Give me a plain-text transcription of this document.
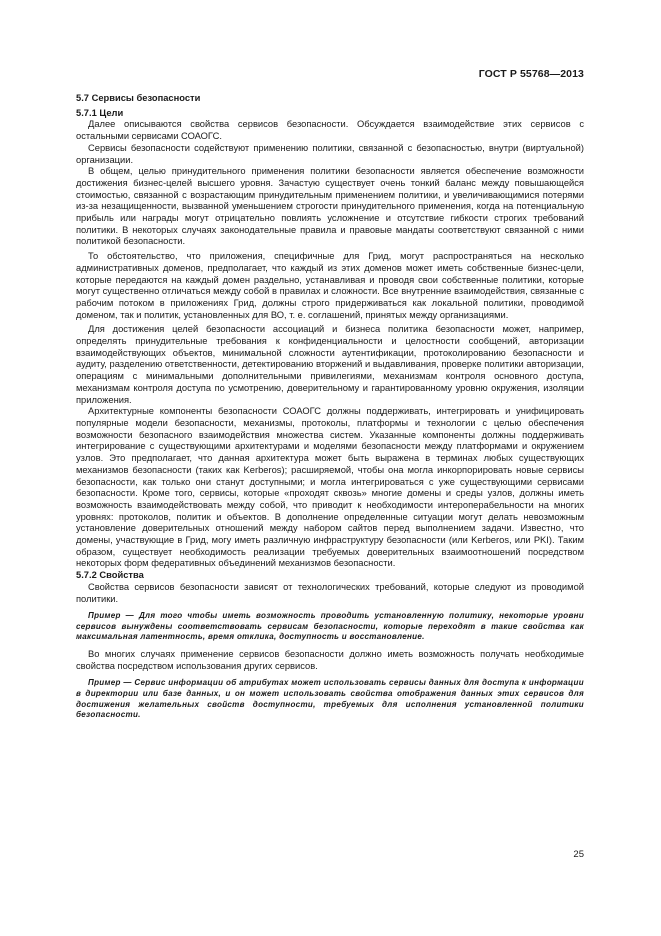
ГОСТ Р 55768—2013

5.7 Сервисы безопасности

5.7.1 Цели

Далее описываются свойства сервисов безопасности. Обсуждается взаимодействие этих сервисов с остальными сервисами СОАОГС.

Сервисы безопасности содействуют применению политики, связанной с безопасностью, внутри (виртуальной) организации.

В общем, целью принудительного применения политики безопасности является обеспечение возможности достижения бизнес-целей высшего уровня. Зачастую существует очень тонкий баланс между повышающейся стоимостью, связанной с возрастающим принудительным применением политики, и увеличивающимися потерями из-за незащищенности, вызванной уменьшением строгости принудительного применения, когда на потенциальную прибыль или награды могут отрицательно повлиять усложнение и отсутствие гибкости строгих требований политики. В некоторых случаях законодательные правила и правовые мандаты соответствуют связанной с ними политикой безопасности.

То обстоятельство, что приложения, специфичные для Грид, могут распространяться на несколько административных доменов, предполагает, что каждый из этих доменов может иметь собственные бизнес-цели, которые передаются на каждый домен раздельно, устанавливая и проводя свои собственные политики, которые могут существенно отличаться между собой в правилах и сложности. Все внутренние взаимодействия, связанные с рабочим потоком в приложениях Грид, должны строго придерживаться как локальной политики, проводимой доменом, так и политик, установленных для ВО, т. е. соглашений, принятых между организациями.

Для достижения целей безопасности ассоциаций и бизнеса политика безопасности может, например, определять принудительные требования к конфиденциальности и целостности сообщений, авторизации взаимодействующих объектов, минимальной сложности аутентификации, протоколированию безопасности и аудиту, разделению ответственности, детектированию вторжений и выдавливания, проверке политики авторизации, операциям с минимальными дополнительными привилегиями, механизмам контроля основного доступа, механизмам контроля доступа по усмотрению, доверительному и гарантированному уровню окружения, изоляции приложения.

Архитектурные компоненты безопасности СОАОГС должны поддерживать, интегрировать и унифицировать популярные модели безопасности, механизмы, протоколы, платформы и технологии с целью обеспечения возможности безопасного взаимодействия множества систем. Указанные компоненты должны поддерживать интегрирование с существующими архитектурами и моделями безопасности между платформами и окружением узлов. Это предполагает, что данная архитектура может быть выражена в терминах любых существующих механизмов безопасности (таких как Kerberos); расширяемой, чтобы она могла инкорпорировать новые сервисы безопасности, как только они станут доступными; и могла интегрироваться с уже существующими сервисами безопасности. Кроме того, сервисы, которые «проходят сквозь» многие домены и среды узлов, должны иметь возможность взаимодействовать между собой, что приводит к необходимости интероперабельности на многих уровнях: протоколов, политик и объектов. В дополнение определенные ситуации могут делать невозможным установление доверительных отношений между набором сайтов перед выполнением задачи. Известно, что домены, участвующие в Грид, могу иметь различную инфраструктуру безопасности (или Kerberos, или PKI). Таким образом, существует необходимость реализации требуемых доверительных взаимоотношений посредством некоторых форм федеративных объединений механизмов безопасности.

5.7.2 Свойства

Свойства сервисов безопасности зависят от технологических требований, которые следуют из проводимой политики.

Пример — Для того чтобы иметь возможность проводить установленную политику, некоторые уровни сервисов вынуждены соответствовать сервисам безопасности, которые переходят в такие свойства как максимальная латентность, время отклика, доступность и восстановление.

Во многих случаях применение сервисов безопасности должно иметь возможность получать необходимые свойства посредством использования других сервисов.

Пример — Сервис информации об атрибутах может использовать сервисы данных для доступа к информации в директории или базе данных, и он может использовать свойства отображения данных этих сервисов для достижения желательных свойств доступности, требуемых для исполнения установленной политики безопасности.

25
